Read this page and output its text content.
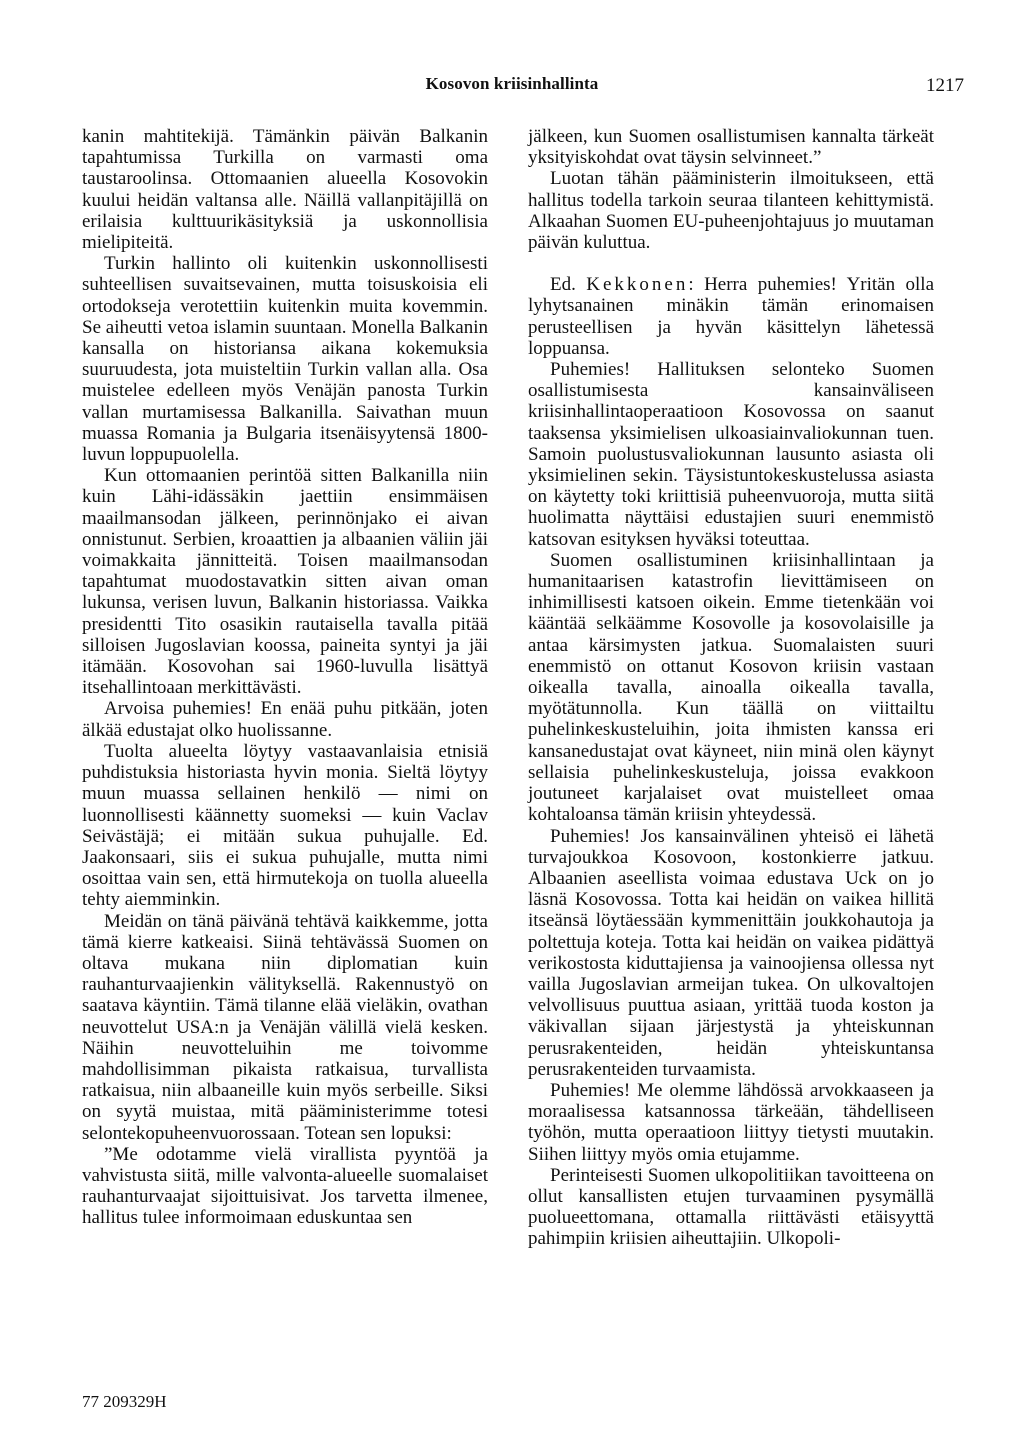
Kosovon kriisinhallinta	1217

kanin mahtitekijä. Tämänkin päivän Balkanin tapahtumissa Turkilla on varmasti oma taustaroolinsa. Ottomaanien alueella Kosovokin kuului heidän valtansa alle. Näillä vallanpitäjillä on erilaisia kulttuurikäsityksiä ja uskonnollisia mielipiteitä.

Turkin hallinto oli kuitenkin uskonnollisesti suhteellisen suvaitsevainen, mutta toisuskoisia eli ortodokseja verotettiin kuitenkin muita kovemmin. Se aiheutti vetoa islamin suuntaan. Monella Balkanin kansalla on historiansa aikana kokemuksia suuruudesta, jota muisteltiin Turkin vallan alla. Osa muistelee edelleen myös Venäjän panosta Turkin vallan murtamisessa Balkanilla. Saivathan muun muassa Romania ja Bulgaria itsenäisyytensä 1800-luvun loppupuolella.

Kun ottomaanien perintöä sitten Balkanilla niin kuin Lähi-idässäkin jaettiin ensimmäisen maailmansodan jälkeen, perinnönjako ei aivan onnistunut. Serbien, kroaattien ja albaanien väliin jäi voimakkaita jännitteitä. Toisen maailmansodan tapahtumat muodostavatkin sitten aivan oman lukunsa, verisen luvun, Balkanin historiassa. Vaikka presidentti Tito osasikin rautaisella tavalla pitää silloisen Jugoslavian koossa, paineita syntyi ja jäi itämään. Kosovohan sai 1960-luvulla lisättyä itsehallintoaan merkittävästi.

Arvoisa puhemies! En enää puhu pitkään, joten älkää edustajat olko huolissanne.

Tuolta alueelta löytyy vastaavanlaisia etnisiä puhdistuksia historiasta hyvin monia. Sieltä löytyy muun muassa sellainen henkilö — nimi on luonnollisesti käännetty suomeksi — kuin Vaclav Seivästäjä; ei mitään sukua puhujalle. Ed. Jaakonsaari, siis ei sukua puhujalle, mutta nimi osoittaa vain sen, että hirmutekoja on tuolla alueella tehty aiemminkin.

Meidän on tänä päivänä tehtävä kaikkemme, jotta tämä kierre katkeaisi. Siinä tehtävässä Suomen on oltava mukana niin diplomatian kuin rauhanturvaajienkin välityksellä. Rakennustyö on saatava käyntiin. Tämä tilanne elää vieläkin, ovathan neuvottelut USA:n ja Venäjän välillä vielä kesken. Näihin neuvotteluihin me toivomme mahdollisimman pikaista ratkaisua, turvallista ratkaisua, niin albaaneille kuin myös serbeille. Siksi on syytä muistaa, mitä pääministerimme totesi selontekopuheenvuorossaan. Totean sen lopuksi:

”Me odotamme vielä virallista pyyntöä ja vahvistusta siitä, mille valvonta-alueelle suomalaiset rauhanturvaajat sijoittuisivat. Jos tarvetta ilmenee, hallitus tulee informoimaan eduskuntaa sen

jälkeen, kun Suomen osallistumisen kannalta tärkeät yksityiskohdat ovat täysin selvinneet.”

Luotan tähän pääministerin ilmoitukseen, että hallitus todella tarkoin seuraa tilanteen kehittymistä. Alkaahan Suomen EU-puheenjohtajuus jo muutaman päivän kuluttua.

Ed. Kekkonen: Herra puhemies! Yritän olla lyhytsanainen minäkin tämän erinomaisen perusteellisen ja hyvän käsittelyn lähetessä loppuansa.

Puhemies! Hallituksen selonteko Suomen osallistumisesta kansainväliseen kriisinhallintaoperaatioon Kosovossa on saanut taaksensa yksimielisen ulkoasiainvaliokunnan tuen. Samoin puolustusvaliokunnan lausunto asiasta oli yksimielinen sekin. Täysistuntokeskustelussa asiasta on käytetty toki kriittisiä puheenvuoroja, mutta siitä huolimatta näyttäisi edustajien suuri enemmistö katsovan esityksen hyväksi toteuttaa.

Suomen osallistuminen kriisinhallintaan ja humanitaarisen katastrofin lievittämiseen on inhimillisesti katsoen oikein. Emme tietenkään voi kääntää selkäämme Kosovolle ja kosovolaisille ja antaa kärsimysten jatkua. Suomalaisten suuri enemmistö on ottanut Kosovon kriisin vastaan oikealla tavalla, ainoalla oikealla tavalla, myötätunnolla. Kun täällä on viittailtu puhelinkeskusteluihin, joita ihmisten kanssa eri kansanedustajat ovat käyneet, niin minä olen käynyt sellaisia puhelinkeskusteluja, joissa evakkoon joutuneet karjalaiset ovat muistelleet omaa kohtaloansa tämän kriisin yhteydessä.

Puhemies! Jos kansainvälinen yhteisö ei lähetä turvajoukkoa Kosovoon, kostonkierre jatkuu. Albaanien aseellista voimaa edustava Uck on jo läsnä Kosovossa. Totta kai heidän on vaikea hillitä itseänsä löytäessään kymmenittäin joukkohautoja ja poltettuja koteja. Totta kai heidän on vaikea pidättyä verikostosta kiduttajiensa ja vainoojiensa ollessa nyt vailla Jugoslavian armeijan tukea. On ulkovaltojen velvollisuus puuttua asiaan, yrittää tuoda koston ja väkivallan sijaan järjestystä ja yhteiskunnan perusrakenteiden, heidän yhteiskuntansa perusrakenteiden turvaamista.

Puhemies! Me olemme lähdössä arvokkaaseen ja moraalisessa katsannossa tärkeään, tähdelliseen työhön, mutta operaatioon liittyy tietysti muutakin. Siihen liittyy myös omia etujamme.

Perinteisesti Suomen ulkopolitiikan tavoitteena on ollut kansallisten etujen turvaaminen pysymällä puolueettomana, ottamalla riittävästi etäisyyttä pahimpiin kriisien aiheuttajiin. Ulkopoli-

77 209329H
